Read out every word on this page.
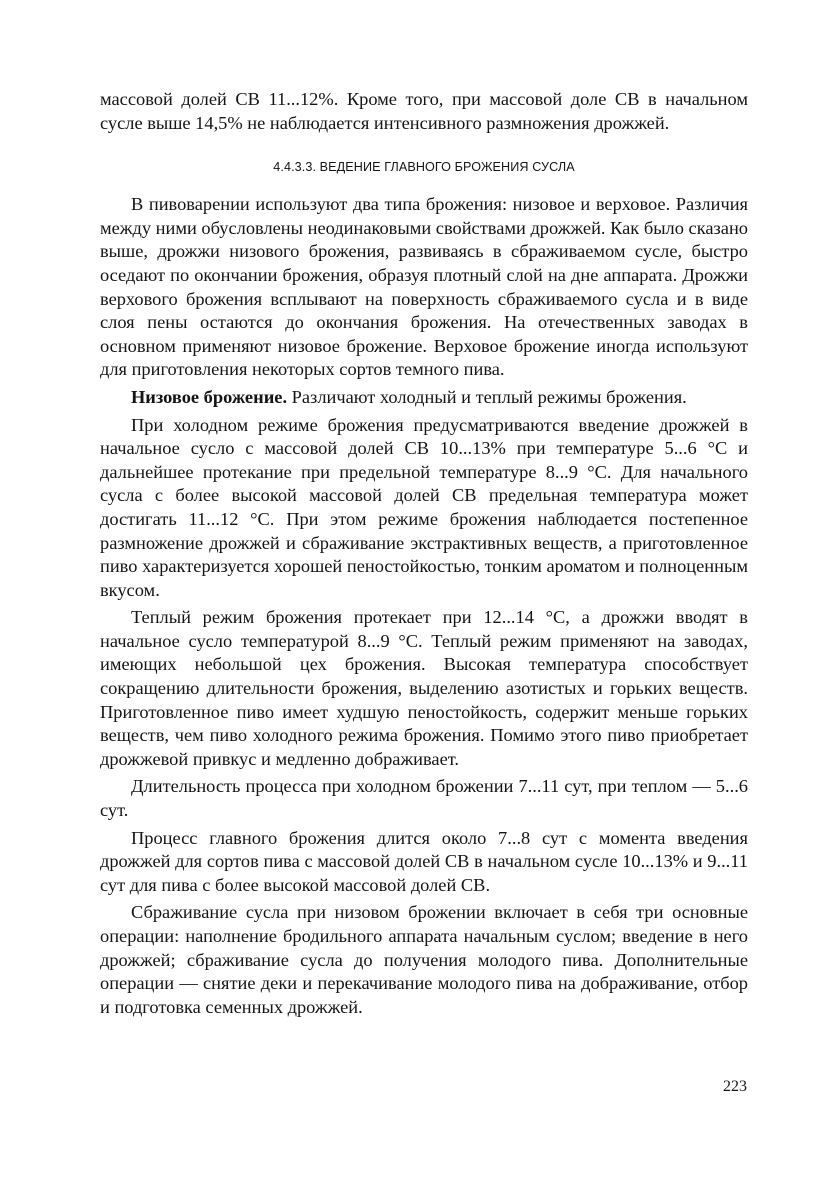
массовой долей СВ 11...12%. Кроме того, при массовой доле СВ в начальном сусле выше 14,5% не наблюдается интенсивного размножения дрожжей.

4.4.3.3. ВЕДЕНИЕ ГЛАВНОГО БРОЖЕНИЯ СУСЛА

В пивоварении используют два типа брожения: низовое и верховое. Различия между ними обусловлены неодинаковыми свойствами дрожжей. Как было сказано выше, дрожжи низового брожения, развиваясь в сбраживаемом сусле, быстро оседают по окончании брожения, образуя плотный слой на дне аппарата. Дрожжи верхового брожения всплывают на поверхность сбраживаемого сусла и в виде слоя пены остаются до окончания брожения. На отечественных заводах в основном применяют низовое брожение. Верховое брожение иногда используют для приготовления некоторых сортов темного пива.

Низовое брожение. Различают холодный и теплый режимы брожения.

При холодном режиме брожения предусматриваются введение дрожжей в начальное сусло с массовой долей СВ 10...13% при температуре 5...6 °С и дальнейшее протекание при предельной температуре 8...9 °С. Для начального сусла с более высокой массовой долей СВ предельная температура может достигать 11...12 °С. При этом режиме брожения наблюдается постепенное размножение дрожжей и сбраживание экстрактивных веществ, а приготовленное пиво характеризуется хорошей пеностойкостью, тонким ароматом и полноценным вкусом.

Теплый режим брожения протекает при 12...14 °С, а дрожжи вводят в начальное сусло температурой 8...9 °С. Теплый режим применяют на заводах, имеющих небольшой цех брожения. Высокая температура способствует сокращению длительности брожения, выделению азотистых и горьких веществ. Приготовленное пиво имеет худшую пеностойкость, содержит меньше горьких веществ, чем пиво холодного режима брожения. Помимо этого пиво приобретает дрожжевой привкус и медленно дображивает.

Длительность процесса при холодном брожении 7...11 сут, при теплом — 5...6 сут.

Процесс главного брожения длится около 7...8 сут с момента введения дрожжей для сортов пива с массовой долей СВ в начальном сусле 10...13% и 9...11 сут для пива с более высокой массовой долей СВ.

Сбраживание сусла при низовом брожении включает в себя три основные операции: наполнение бродильного аппарата начальным суслом; введение в него дрожжей; сбраживание сусла до получения молодого пива. Дополнительные операции — снятие деки и перекачивание молодого пива на дображивание, отбор и подготовка семенных дрожжей.

223
